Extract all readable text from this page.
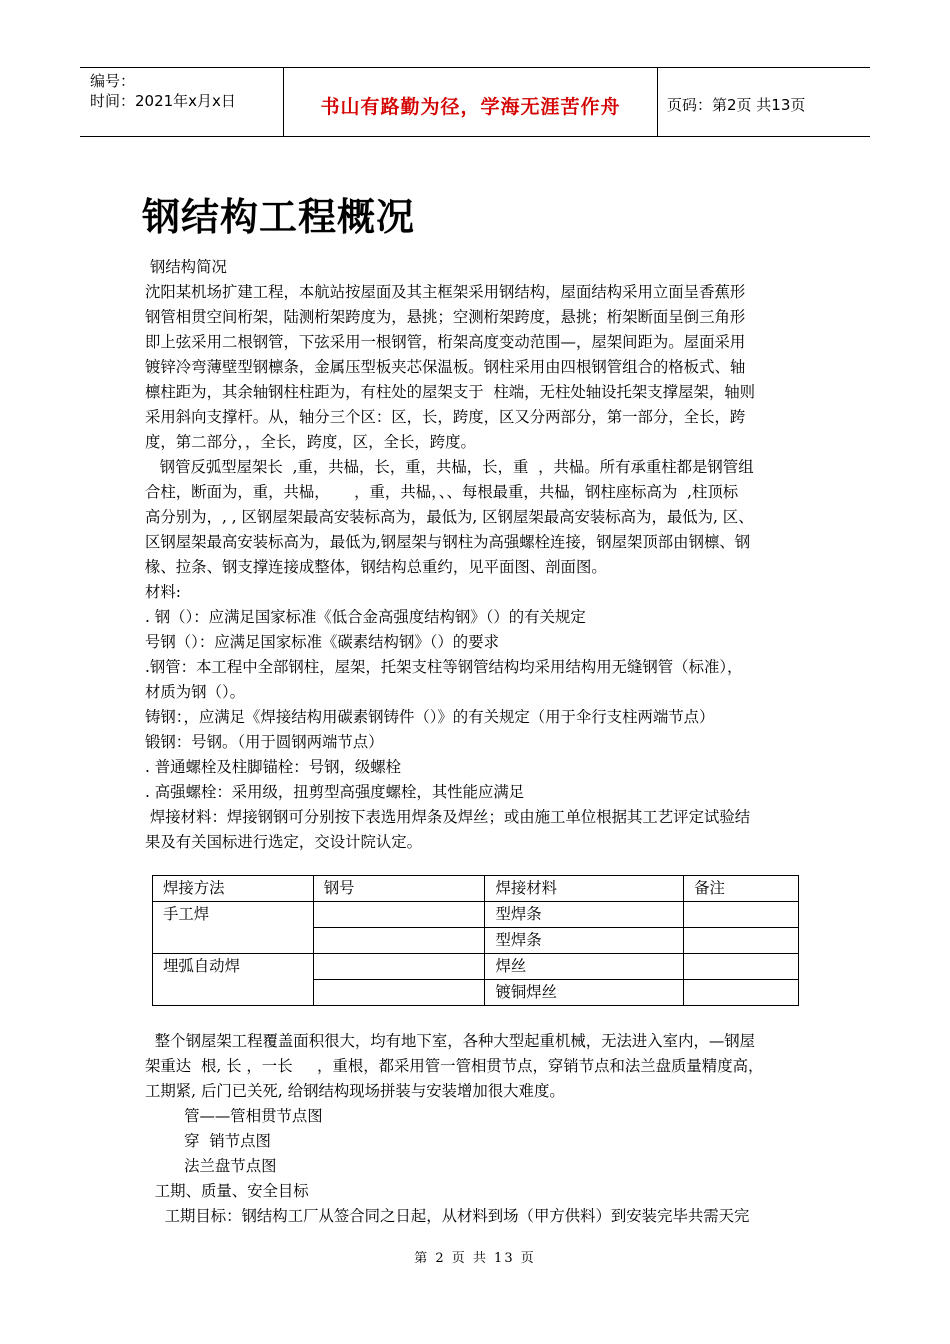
编号：
时间：2021年x月x日	书山有路勤为径，学海无涯苦作舟	页码：第2页 共13页
钢结构工程概况
钢结构简况
沈阳某机场扩建工程，本航站按屋面及其主框架采用钢结构，屋面结构采用立面呈香蕉形
钢管相贯空间桁架，陆测桁架跨度为，悬挑；空测桁架跨度，悬挑；桁架断面呈倒三角形
即上弦采用二根钢管，下弦采用一根钢管，桁架高度变动范围—，屋架间距为。屋面采用
镀锌冷弯薄壁型钢檩条，金属压型板夹芯保温板。钢柱采用由四根钢管组合的格板式、轴
檩柱距为，其余轴钢柱柱距为，有柱处的屋架支于  柱端，无柱处轴设托架支撑屋架，轴则
采用斜向支撑杆。从，轴分三个区：区，长，跨度，区又分两部分，第一部分，全长，跨
度，第二部分，，全长，跨度，区，全长，跨度。
钢管反弧型屋架长  ,重，共榀，长，重，共榀，长，重  ，共榀。所有承重柱都是钢管组
合柱，断面为，重，共榀，     ，重，共榀，、、每根最重，共榀，钢柱座标高为  ,柱顶标
高分别为，, , 区钢屋架最高安装标高为，最低为, 区钢屋架最高安装标高为，最低为, 区、
区钢屋架最高安装标高为，最低为,钢屋架与钢柱为高强螺栓连接，钢屋架顶部由钢檩、钢
椽、拉条、钢支撑连接成整体，钢结构总重约，见平面图、剖面图。
材料:
. 钢（）：应满足国家标准《低合金高强度结构钢》（）的有关规定
号钢（）：应满足国家标准《碳素结构钢》（）的要求
.钢管：本工程中全部钢柱，屋架，托架支柱等钢管结构均采用结构用无缝钢管（标准），
材质为钢（）。
铸钢：，应满足《焊接结构用碳素钢铸件（）》的有关规定（用于伞行支柱两端节点）
锻钢：号钢。（用于圆钢两端节点）
. 普通螺栓及柱脚锚栓：号钢，级螺栓
. 高强螺栓：采用级，扭剪型高强度螺栓，其性能应满足
焊接材料：焊接钢钢可分别按下表选用焊条及焊丝；或由施工单位根据其工艺评定试验结
果及有关国标进行选定，交设计院认定。
焊接方法	钢号	焊接材料	备注
手工焊		型焊条	
		型焊条	
埋弧自动焊		焊丝	
		镀铜焊丝	
整个钢屋架工程覆盖面积很大，均有地下室，各种大型起重机械，无法进入室内，—钢屋
架重达  根, 长 ，一长     ，重根，都采用管一管相贯节点，穿销节点和法兰盘质量精度高，
工期紧, 后门已关死, 给钢结构现场拼装与安装增加很大难度。
管——管相贯节点图
穿  销节点图
法兰盘节点图
工期、质量、安全目标
工期目标：钢结构工厂从签合同之日起，从材料到场（甲方供料）到安装完毕共需天完
第 2 页 共 13 页
